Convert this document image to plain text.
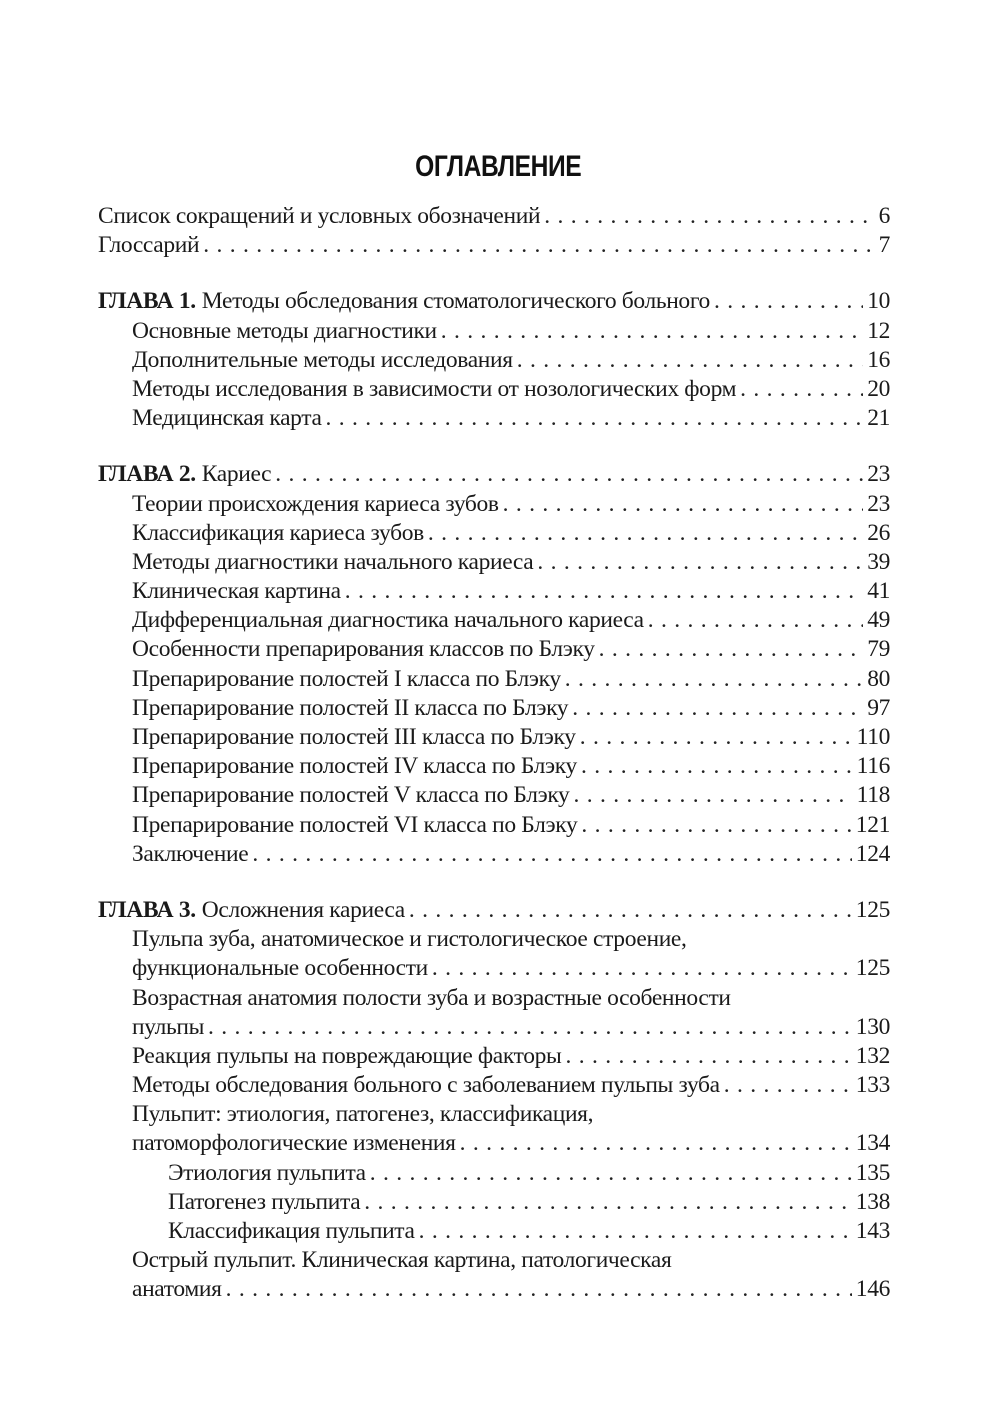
ОГЛАВЛЕНИЕ
Список сокращений и условных обозначений . . .	6
Глоссарий . . .	7
ГЛАВА 1. Методы обследования стоматологического больного . . .	10
Основные методы диагностики . . .	12
Дополнительные методы исследования . . .	16
Методы исследования в зависимости от нозологических форм . . .	20
Медицинская карта . . .	21
ГЛАВА 2. Кариес . . .	23
Теории происхождения кариеса зубов . . .	23
Классификация кариеса зубов . . .	26
Методы диагностики начального кариеса . . .	39
Клиническая картина . . .	41
Дифференциальная диагностика начального кариеса . . .	49
Особенности препарирования классов по Блэку . . .	79
Препарирование полостей I класса по Блэку . . .	80
Препарирование полостей II класса по Блэку . . .	97
Препарирование полостей III класса по Блэку . . .	110
Препарирование полостей IV класса по Блэку . . .	116
Препарирование полостей V класса по Блэку . . .	118
Препарирование полостей VI класса по Блэку . . .	121
Заключение . . .	124
ГЛАВА 3. Осложнения кариеса . . .	125
Пульпа зуба, анатомическое и гистологическое строение,
функциональные особенности . . .	125
Возрастная анатомия полости зуба и возрастные особенности
пульпы . . .	130
Реакция пульпы на повреждающие факторы . . .	132
Методы обследования больного с заболеванием пульпы зуба . . .	133
Пульпит: этиология, патогенез, классификация,
патоморфологические изменения . . .	134
Этиология пульпита . . .	135
Патогенез пульпита . . .	138
Классификация пульпита . . .	143
Острый пульпит. Клиническая картина, патологическая
анатомия . . .	146
